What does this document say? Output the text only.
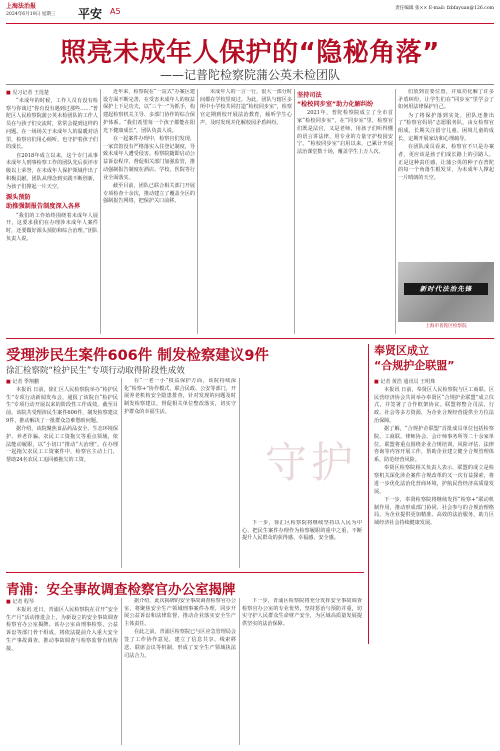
上海法治报
2024年6月19日 星期三 平安 A5	责任编辑 张×× E-mail: fzbfayuan@126.com
照亮未成年人保护的“隐秘角落”
——记普陀检察院蒲公英未检团队
■ 见习记者 王莲楚

“未成年的时候，工作人员有没有检察与你谈过”你有没有遇到过那些……”普陀区人民检察院蒲公英未检团队的工作人员在与孩子们交流时，常常会提到这样的问题。在一场场关于未成年人的温暖对话里，检察官们用心倾听，也守护着孩子们的成长。

自2018年成立以来，这个专门从事未成年人刑事检察工作的团队先后获评市级以上荣誉，在未成年人保护领域作出了积极贡献。团队从理念到实践不断创新，为孩子们撑起一片天空。

源头预防
助推强制报告制度深入各界

“我们的工作始终围绕着未成年人展开，这要求我们在办理涉未成年人案件时，还要做好源头预防和综合治理。”团队负责人说。

近年来，检察院在“一站式”办案区建设方面不断完善，在受害未成年人的权益保护上下足功夫，以“三个一”为抓手，构建起检察机关主导、多部门协作的综合保护体系。“我们希望每一个孩子都能在阳光下健康成长”，团队负责人说。

在一起案件办理中，检察官们发现，一家宾馆没有严格落实入住登记制度，导致未成年人遭受侵害。检察院随即启动公益诉讼程序，督促相关部门加强监管，推动强制报告制度在酒店、学校、医院等行业全面落实。

截至目前，团队已联合相关部门开展专项检查十余次，推动建立了覆盖全区的强制报告网络，把保护关口前移。

未成年人的一言一行，很大一部分时间都在学校里度过。为此，团队与辖区多所中小学校共同打造“检校同步室”，检察官定期到校开展法治教育，倾听学生心声，及时发现并化解校园矛盾纠纷。

坚持司法
“检校同步室”助力化解纠纷

2021年，普陀检察院成立了全市首家“检校同步室”，在“同步室”里，检察官们既是法官，又是老师，用孩子们听得懂的语言讲法律，用专业的力量守护校园安宁。“检校同步室”启用以来，已累计开展法治课堂数十场，覆盖学生上万人次。

们放到首要位置，并成功化解了许多矛盾纠纷，让学生们在“同步室”里学会了如何用法律保护自己。

为了将保护落到实处，团队还推出了“检察官妈妈”志愿服务队，由女检察官组成，长期关注留守儿童、困境儿童的成长，定期开展家访和心理疏导。

在团队成员看来，检察官不只是办案者，更应该是孩子们成长路上的引路人。正是这种责任感，让蒲公英的种子在普陀的每一个角落生根发芽，为未成年人撑起一片晴朗的天空。

新时代法治先锋
上海市普陀区检察院
受理涉民生案件606件 制发检察建议9件
徐汇检察院“检护民生”专项行动取得阶段性成效
守护
■ 记者 季翔鹏

本报讯 日前，徐汇区人民检察院举办“检护民生”专项行动新闻发布会，通报了该院自“检护民生”专项行动开展以来的阶段性工作成效。截至目前，该院共受理涉民生案件606件，制发检察建议9件，推动解决了一批群众急难愁盼问题。

据介绍，该院聚焦食品药品安全、生态环境保护、养老诈骗、农民工工资拖欠等重点领域，依法能动履职，以“小切口”推动“大治理”。在办理一起拖欠农民工工资案件中，检察官主动上门，帮助24名农民工追回被拖欠的工资。

在“一老一小”权益保护方面，该院持续深化“检察+”协作模式，联合民政、公安等部门，开展养老机构安全隐患排查，针对发现的问题及时制发检察建议，督促相关单位整改落实，切实守护群众的幸福生活。

下一步，徐汇区检察院将继续坚持以人民为中心，把民生案件办理作为检察履职的重中之重，不断提升人民群众的获得感、幸福感、安全感。

奉贤区成立
“合规护企联盟”
■ 记者 黄浩 通讯员 王明珠

本报讯 日前，奉贤区人民检察院与区工商联、区民营经济协会共同举办奉贤区“合规护企联盟”成立仪式，并签署了合作框架协议。联盟将整合司法、行政、社会等多方资源，为企业合规经营提供全方位法治保障。

据了解，“合规护企联盟”首批成员单位包括检察院、工商联、律师协会、会计师事务所等二十余家单位。联盟将重点围绕企业合规培训、风险评估、法律咨询等内容开展工作，帮助企业建立健全合规管理体系，防范经营风险。

奉贤区检察院相关负责人表示，联盟的成立是检察机关深化涉企案件合规改革的又一次有益探索，将进一步优化法治化营商环境，护航民营经济高质量发展。

下一步，奉贤检察院将继续发挥“检察+”联动机制作用，推动形成部门协同、社会参与的合规治理格局，为企业提供更加精准、高效的法治服务，助力区域经济社会持续健康发展。

青浦：安全事故调查检察官办公室揭牌
■ 记者 程琴

本报讯 近日，青浦区人民检察院在召开“安全生产月”活动推进会上，为新设立的安全事故调查检察官办公室揭牌。该办公室由刑事检察、公益诉讼等部门骨干组成，将依法提前介入重大安全生产事故调查，推动事故调查与检察监督有机衔接。

据介绍，此次揭牌的安全事故调查检察官办公室，将聚焦安全生产领域刑事案件办理，同步开展公益诉讼和法律监督，推动企业落实安全生产主体责任。

在此之前，青浦区检察院已与区应急管理局会签了工作协作意见，建立了信息共享、线索移送、联席会议等机制，形成了安全生产领域执法司法合力。

下一步，青浦区检察院将充分发挥安全事故调查检察官办公室的专业优势，坚持惩治与预防并重，切实守护人民群众生命财产安全，为区域高质量发展提供坚实的法治保障。
